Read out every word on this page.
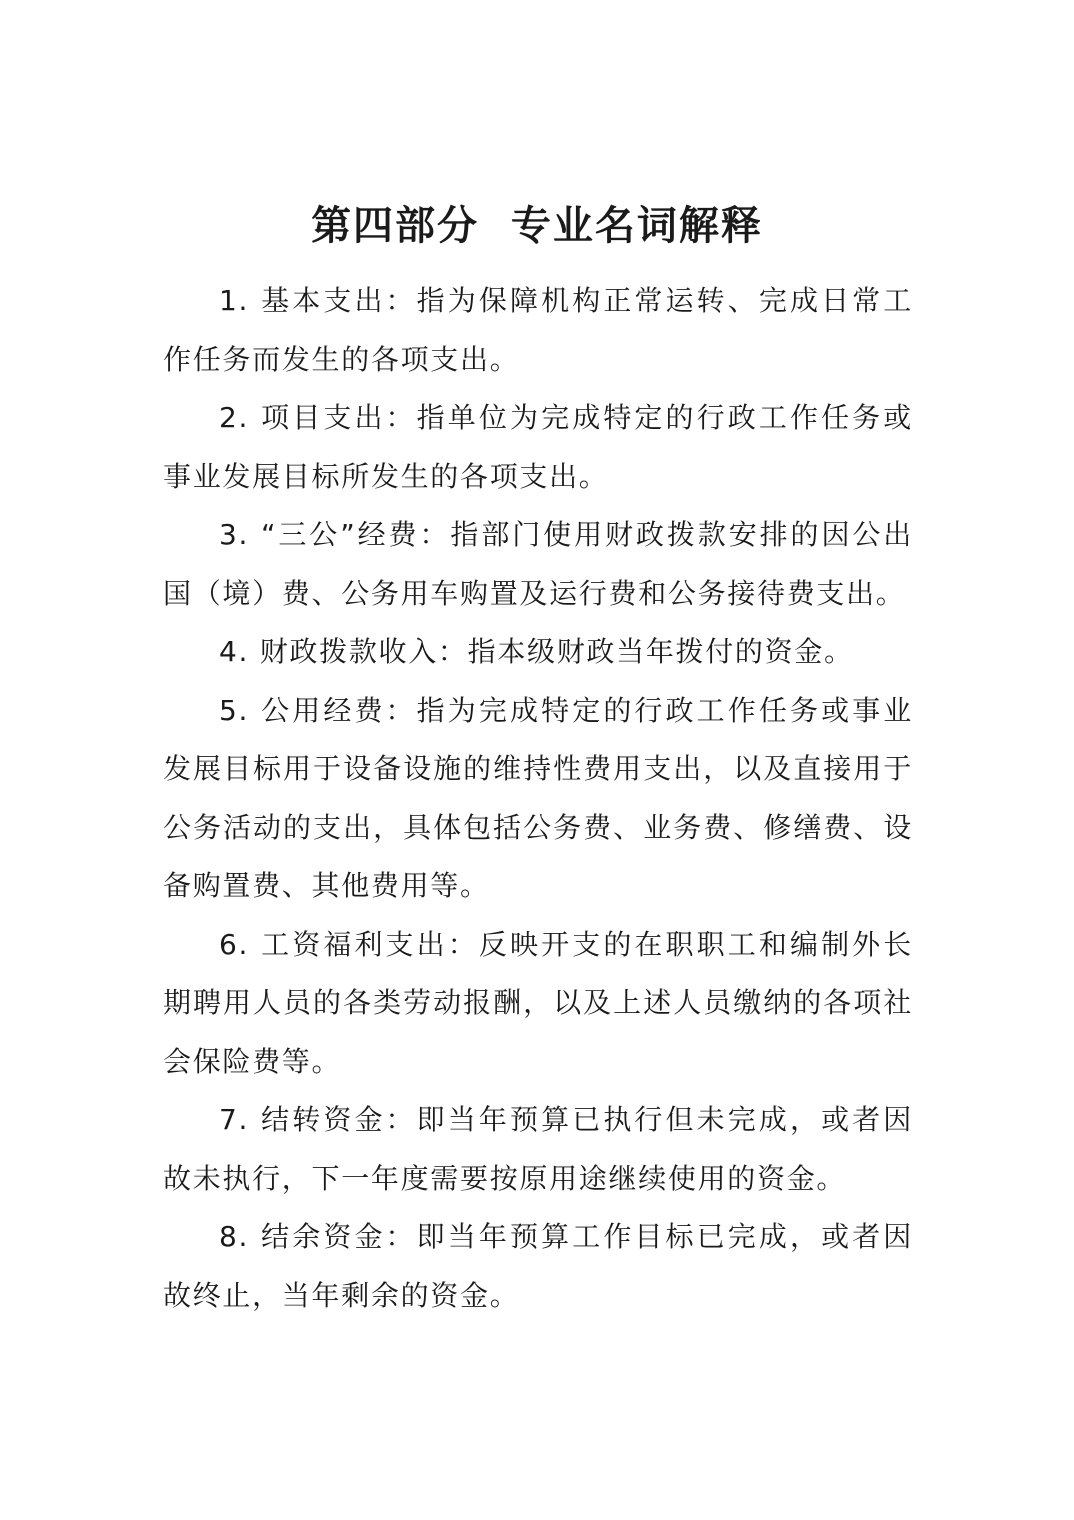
第四部分  专业名词解释

1. 基本支出：指为保障机构正常运转、完成日常工作任务而发生的各项支出。

2. 项目支出：指单位为完成特定的行政工作任务或事业发展目标所发生的各项支出。

3. “三公”经费：指部门使用财政拨款安排的因公出国（境）费、公务用车购置及运行费和公务接待费支出。

4. 财政拨款收入：指本级财政当年拨付的资金。

5. 公用经费：指为完成特定的行政工作任务或事业发展目标用于设备设施的维持性费用支出，以及直接用于公务活动的支出，具体包括公务费、业务费、修缮费、设备购置费、其他费用等。

6. 工资福利支出：反映开支的在职职工和编制外长期聘用人员的各类劳动报酬，以及上述人员缴纳的各项社会保险费等。

7. 结转资金：即当年预算已执行但未完成，或者因故未执行，下一年度需要按原用途继续使用的资金。

8. 结余资金：即当年预算工作目标已完成，或者因故终止，当年剩余的资金。
